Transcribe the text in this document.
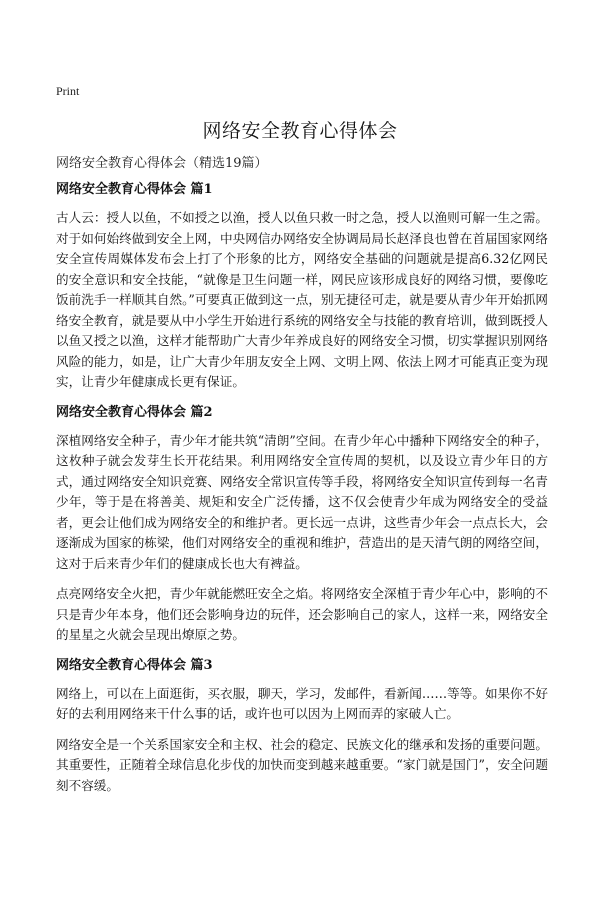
Print
网络安全教育心得体会
网络安全教育心得体会（精选19篇）
网络安全教育心得体会 篇1

古人云：授人以鱼，不如授之以渔，授人以鱼只救一时之急，授人以渔则可解一生之需。对于如何始终做到安全上网，中央网信办网络安全协调局局长赵泽良也曾在首届国家网络安全宣传周媒体发布会上打了个形象的比方，网络安全基础的问题就是提高6.32亿网民的安全意识和安全技能，“就像是卫生问题一样，网民应该形成良好的网络习惯，要像吃饭前洗手一样顺其自然。”可要真正做到这一点，别无捷径可走，就是要从青少年开始抓网络安全教育，就是要从中小学生开始进行系统的网络安全与技能的教育培训，做到既授人以鱼又授之以渔，这样才能帮助广大青少年养成良好的网络安全习惯，切实掌握识别网络风险的能力，如是，让广大青少年朋友安全上网、文明上网、依法上网才可能真正变为现实，让青少年健康成长更有保证。

网络安全教育心得体会 篇2

深植网络安全种子，青少年才能共筑“清朗”空间。在青少年心中播种下网络安全的种子，这枚种子就会发芽生长开花结果。利用网络安全宣传周的契机，以及设立青少年日的方式，通过网络安全知识竞赛、网络安全常识宣传等手段，将网络安全知识宣传到每一名青少年，等于是在将善美、规矩和安全广泛传播，这不仅会使青少年成为网络安全的受益者，更会让他们成为网络安全的和维护者。更长远一点讲，这些青少年会一点点长大，会逐渐成为国家的栋梁，他们对网络安全的重视和维护，营造出的是天清气朗的网络空间，这对于后来青少年们的健康成长也大有裨益。

点亮网络安全火把，青少年就能燃旺安全之焰。将网络安全深植于青少年心中，影响的不只是青少年本身，他们还会影响身边的玩伴，还会影响自己的家人，这样一来，网络安全的星星之火就会呈现出燎原之势。

网络安全教育心得体会 篇3

网络上，可以在上面逛街，买衣服，聊天，学习，发邮件，看新闻……等等。如果你不好好的去利用网络来干什么事的话，或许也可以因为上网而弄的家破人亡。

网络安全是一个关系国家安全和主权、社会的稳定、民族文化的继承和发扬的重要问题。其重要性，正随着全球信息化步伐的加快而变到越来越重要。“家门就是国门”，安全问题刻不容缓。
